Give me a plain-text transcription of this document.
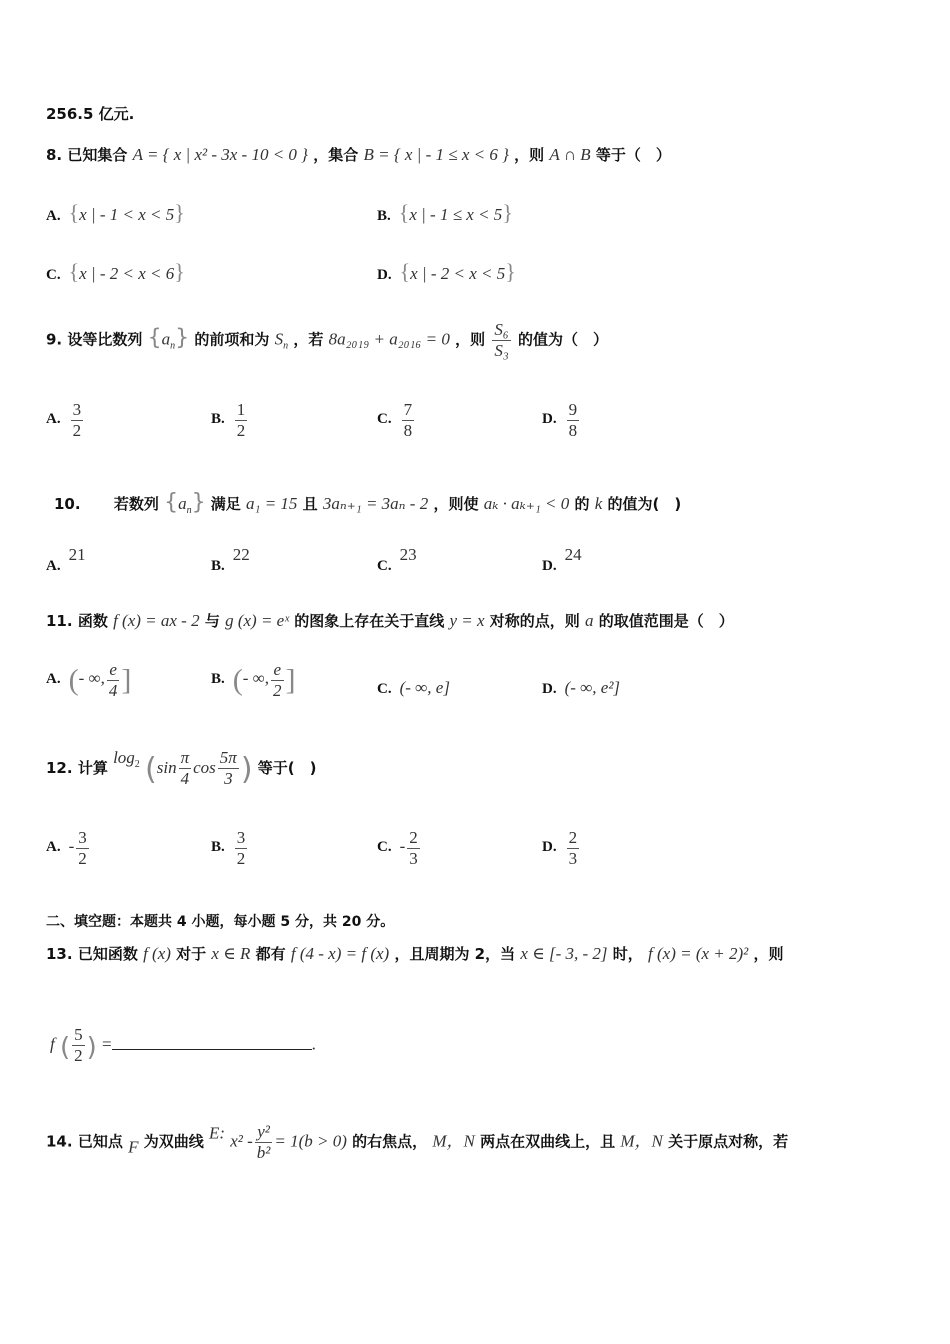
256.5 亿元.
8. 已知集合 A = { x | x² - 3x - 10 < 0 } ，集合 B = { x | - 1 ≤ x < 6 } ，则 A ∩ B 等于（　）
A. {x | - 1 < x < 5}	B. {x | - 1 ≤ x < 5}
C. {x | - 2 < x < 6}	D. {x | - 2 < x < 5}
9. 设等比数列 $\{a_n\}$ 的前项和为 $S_n$ ，若 8a₂₀₁₉ + a₂₀₁₆ = 0 ，则 $\frac{\text{S₆}}{\text{S₃}}$ 的值为（　）
A. $\frac{3}{2}$	B. $\frac{1}{2}$	C. $\frac{7}{8}$	D. $\frac{9}{8}$
10. 若数列 $\{a_n\}$ 满足 a₁ = 15 且 3aₙ₊₁ = 3aₙ - 2 ，则使 aₖ · aₖ₊₁ < 0 的 k 的值为(　)
A.21
B.22
C.23
D.24
11. 函数 f (x) = ax - 2 与 g (x) = eˣ 的图象上存在关于直线 y = x 对称的点，则 a 的取值范围是（　）
A. (- ∞, $\frac{e}{4}$ ]	B. (- ∞, $\frac{e}{2}$ ]	C. (- ∞, e]	D. (- ∞, e²]
12. 计算 $\log^2 (\sin \frac{\pi}{4}$ $\cos \frac{5\pi}{3}$ ) 等于(　)
A. - $\frac{3}{2}$	B. $\frac{3}{2}$	C. - $\frac{2}{3}$	D. $\frac{2}{3}$
二、填空题：本题共 4 小题，每小题 5 分，共 20 分。
13. 已知函数 f (x) 对于 x ∈ R 都有 f (4 - x) = f (x) ，且周期为 2，当 x ∈ [- 3, - 2] 时， f (x) = (x + 2)² ，则
f ( $\frac{5}{2}$ ) =	.
14. 已知点 F 为双曲线 E: $x^2 - \frac{\text{y²}}{\text{b²}} = 1(b > 0)$ 的右焦点， M，N 两点在双曲线上，且 M，N 关于原点对称，若
